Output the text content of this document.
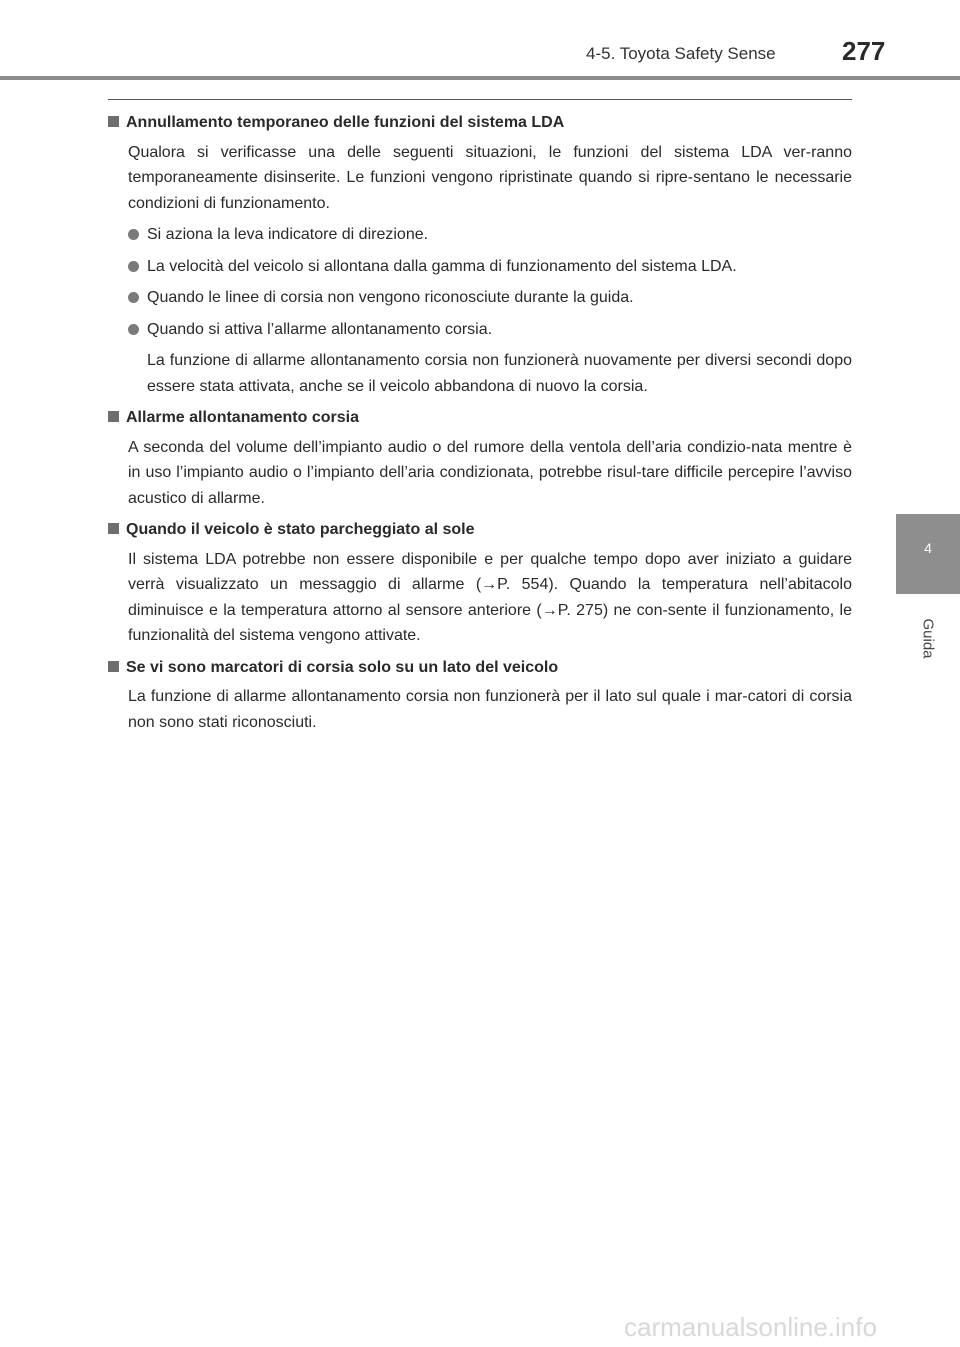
4-5. Toyota Safety Sense	277
4
Guida
Annullamento temporaneo delle funzioni del sistema LDA
Qualora si verificasse una delle seguenti situazioni, le funzioni del sistema LDA ver-ranno temporaneamente disinserite. Le funzioni vengono ripristinate quando si ripre-sentano le necessarie condizioni di funzionamento.
Si aziona la leva indicatore di direzione.
La velocità del veicolo si allontana dalla gamma di funzionamento del sistema LDA.
Quando le linee di corsia non vengono riconosciute durante la guida.
Quando si attiva l’allarme allontanamento corsia.
La funzione di allarme allontanamento corsia non funzionerà nuovamente per diversi secondi dopo essere stata attivata, anche se il veicolo abbandona di nuovo la corsia.
Allarme allontanamento corsia
A seconda del volume dell’impianto audio o del rumore della ventola dell’aria condizio-nata mentre è in uso l’impianto audio o l’impianto dell’aria condizionata, potrebbe risul-tare difficile percepire l’avviso acustico di allarme.
Quando il veicolo è stato parcheggiato al sole
Il sistema LDA potrebbe non essere disponibile e per qualche tempo dopo aver iniziato a guidare verrà visualizzato un messaggio di allarme (→P. 554). Quando la temperatura nell’abitacolo diminuisce e la temperatura attorno al sensore anteriore (→P. 275) ne con-sente il funzionamento, le funzionalità del sistema vengono attivate.
Se vi sono marcatori di corsia solo su un lato del veicolo
La funzione di allarme allontanamento corsia non funzionerà per il lato sul quale i mar-catori di corsia non sono stati riconosciuti.
carmanualsonline.info
